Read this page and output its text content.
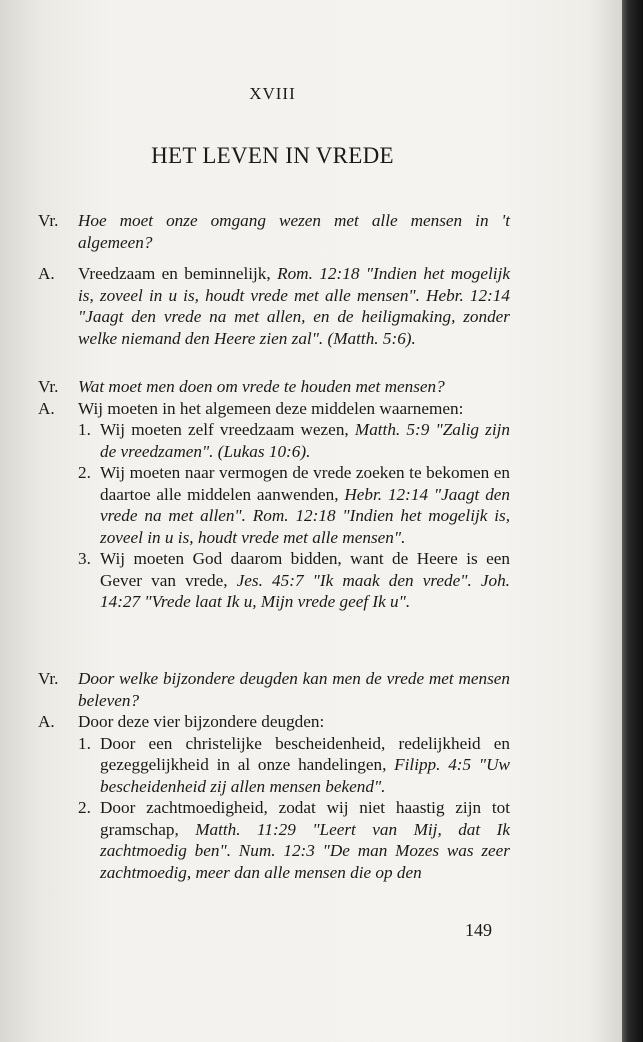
XVIII
HET LEVEN IN VREDE
Vr. Hoe moet onze omgang wezen met alle mensen in 't algemeen?

A. Vreedzaam en beminnelijk, Rom. 12:18 "Indien het mogelijk is, zoveel in u is, houdt vrede met alle mensen". Hebr. 12:14 "Jaagt den vrede na met allen, en de heiligmaking, zonder welke niemand den Heere zien zal". (Matth. 5:6).

Vr. Wat moet men doen om vrede te houden met mensen?

A. Wij moeten in het algemeen deze middelen waarnemen:

1. Wij moeten zelf vreedzaam wezen, Matth. 5:9 "Zalig zijn de vreedzamen". (Lukas 10:6).
2. Wij moeten naar vermogen de vrede zoeken te bekomen en daartoe alle middelen aanwenden, Hebr. 12:14 "Jaagt den vrede na met allen". Rom. 12:18 "Indien het mogelijk is, zoveel in u is, houdt vrede met alle mensen".
3. Wij moeten God daarom bidden, want de Heere is een Gever van vrede, Jes. 45:7 "Ik maak den vrede". Joh. 14:27 "Vrede laat Ik u, Mijn vrede geef Ik u".
Vr. Door welke bijzondere deugden kan men de vrede met mensen beleven?

A. Door deze vier bijzondere deugden:

1. Door een christelijke bescheidenheid, redelijkheid en gezeggelijkheid in al onze handelingen, Filipp. 4:5 "Uw bescheidenheid zij allen mensen bekend".
2. Door zachtmoedigheid, zodat wij niet haastig zijn tot gramschap, Matth. 11:29 "Leert van Mij, dat Ik zachtmoedig ben". Num. 12:3 "De man Mozes was zeer zachtmoedig, meer dan alle mensen die op den
149
